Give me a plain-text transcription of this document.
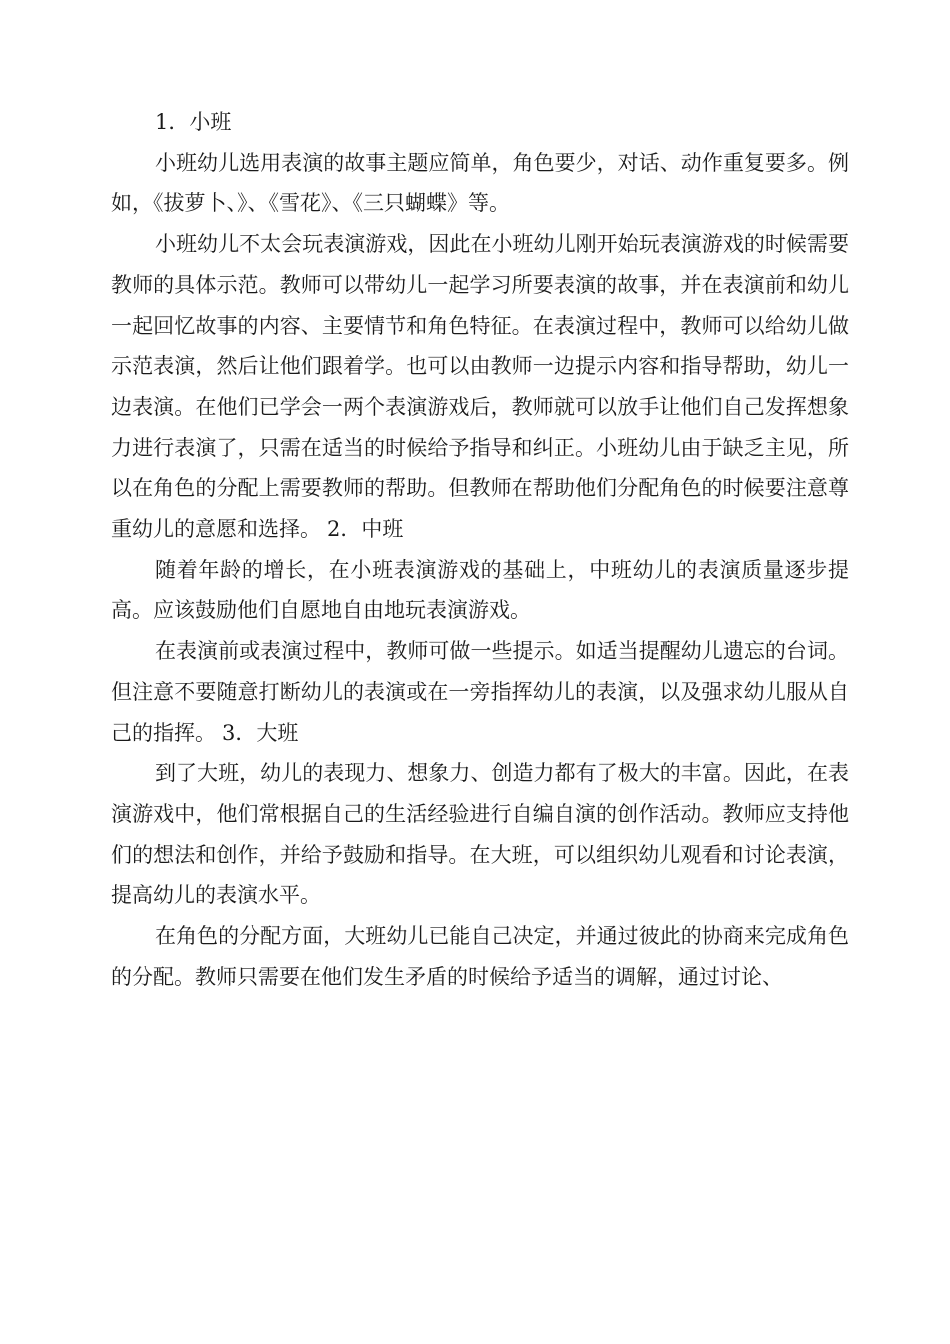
1．小班

小班幼儿选用表演的故事主题应简单，角色要少，对话、动作重复要多。例如，《拔萝卜、》、《雪花》、《三只蝴蝶》等。

小班幼儿不太会玩表演游戏，因此在小班幼儿刚开始玩表演游戏的时候需要教师的具体示范。教师可以带幼儿一起学习所要表演的故事，并在表演前和幼儿一起回忆故事的内容、主要情节和角色特征。在表演过程中，教师可以给幼儿做示范表演，然后让他们跟着学。也可以由教师一边提示内容和指导帮助，幼儿一边表演。在他们已学会一两个表演游戏后，教师就可以放手让他们自己发挥想象力进行表演了，只需在适当的时候给予指导和纠正。小班幼儿由于缺乏主见，所以在角色的分配上需要教师的帮助。但教师在帮助他们分配角色的时候要注意尊重幼儿的意愿和选择。 2．中班

随着年龄的增长，在小班表演游戏的基础上，中班幼儿的表演质量逐步提高。应该鼓励他们自愿地自由地玩表演游戏。

在表演前或表演过程中，教师可做一些提示。如适当提醒幼儿遗忘的台词。但注意不要随意打断幼儿的表演或在一旁指挥幼儿的表演，以及强求幼儿服从自己的指挥。 3．大班

到了大班，幼儿的表现力、想象力、创造力都有了极大的丰富。因此，在表演游戏中，他们常根据自己的生活经验进行自编自演的创作活动。教师应支持他们的想法和创作，并给予鼓励和指导。在大班，可以组织幼儿观看和讨论表演，提高幼儿的表演水平。

在角色的分配方面，大班幼儿已能自己决定，并通过彼此的协商来完成角色的分配。教师只需要在他们发生矛盾的时候给予适当的调解，通过讨论、
